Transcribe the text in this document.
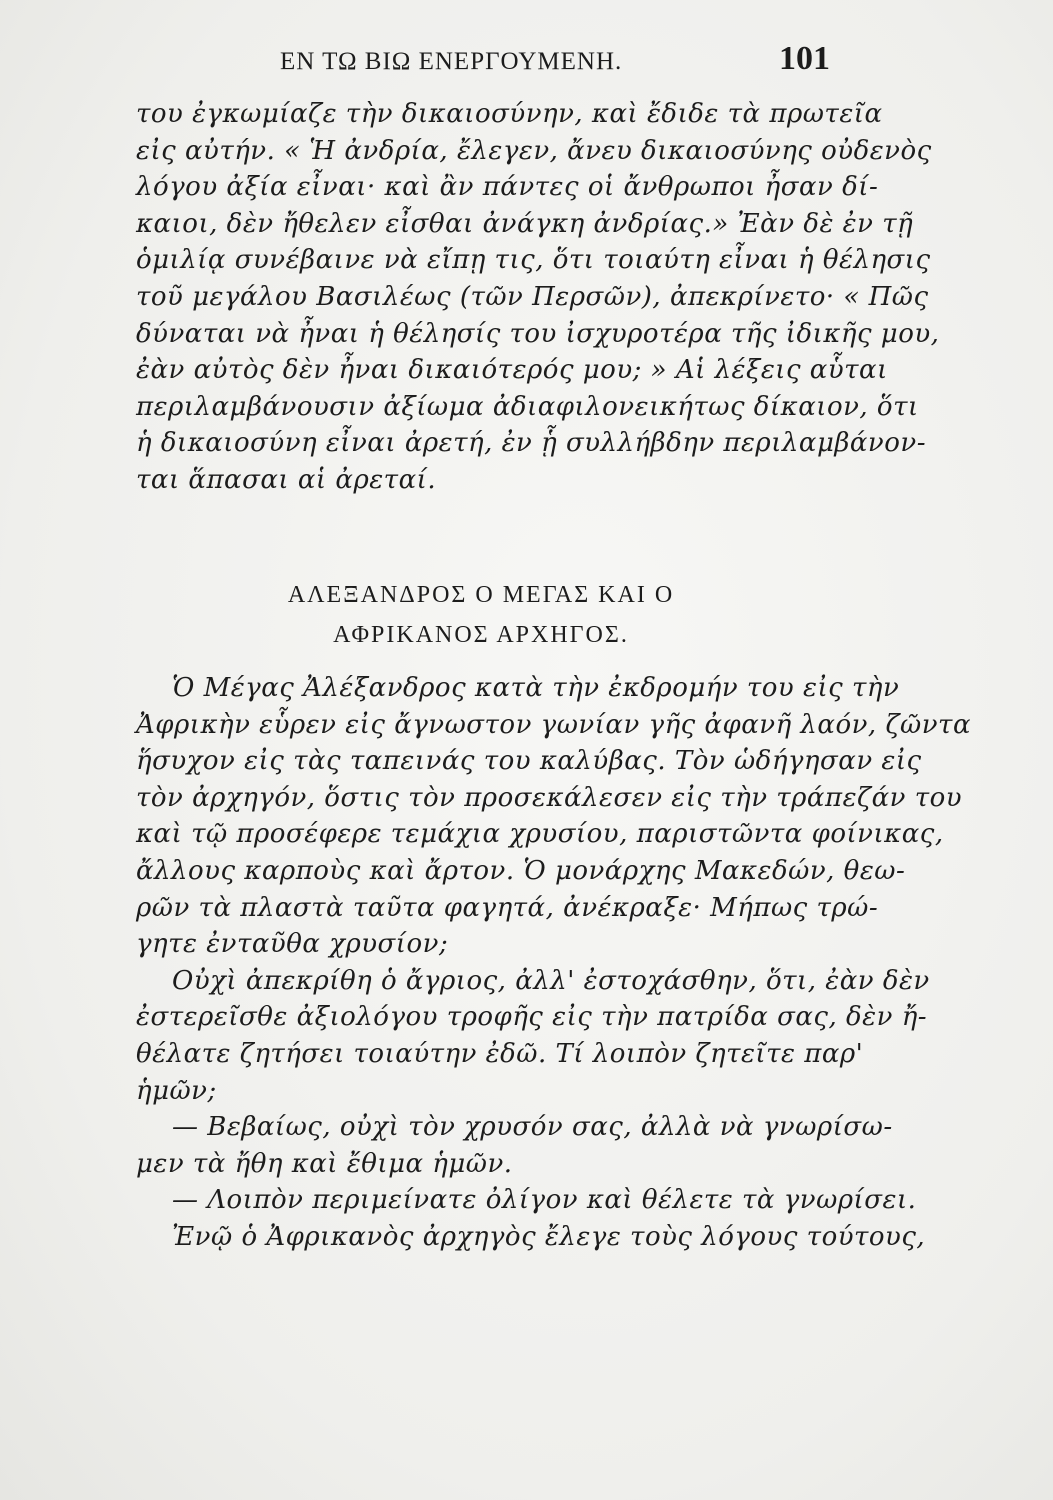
ΕΝ ΤΩ ΒΙΩ ΕΝΕΡΓΟΥΜΕΝΗ.	101
του ἐγκωμίαζε τὴν δικαιοσύνην, καὶ ἔδιδε τὰ πρωτεῖα
εἰς αὐτήν. « Ἡ ἀνδρία, ἔλεγεν, ἄνευ δικαιοσύνης οὐδενὸς
λόγου ἀξία εἶναι· καὶ ἂν πάντες οἱ ἄνθρωποι ἦσαν δί-
καιοι, δὲν ἤθελεν εἶσθαι ἀνάγκη ἀνδρίας.» Ἐὰν δὲ ἐν τῇ
ὁμιλίᾳ συνέβαινε νὰ εἴπῃ τις, ὅτι τοιαύτη εἶναι ἡ θέλησις
τοῦ μεγάλου Βασιλέως (τῶν Περσῶν), ἀπεκρίνετο· « Πῶς
δύναται νὰ ἦναι ἡ θέλησίς του ἰσχυροτέρα τῆς ἰδικῆς μου,
ἐὰν αὐτὸς δὲν ἦναι δικαιότερός μου; » Αἱ λέξεις αὗται
περιλαμβάνουσιν ἀξίωμα ἀδιαφιλονεικήτως δίκαιον, ὅτι
ἡ δικαιοσύνη εἶναι ἀρετή, ἐν ᾗ συλλήβδην περιλαμβάνον-
ται ἅπασαι αἱ ἀρεταί.
ΑΛΕΞΑΝΔΡΟΣ Ο ΜΕΓΑΣ ΚΑΙ Ο
ΑΦΡΙΚΑΝΟΣ ΑΡΧΗΓΟΣ.
Ὁ Μέγας Ἀλέξανδρος κατὰ τὴν ἐκδρομήν του εἰς τὴν
Ἀφρικὴν εὗρεν εἰς ἄγνωστον γωνίαν γῆς ἀφανῆ λαόν, ζῶντα
ἥσυχον εἰς τὰς ταπεινάς του καλύβας. Τὸν ὡδήγησαν εἰς
τὸν ἀρχηγόν, ὅστις τὸν προσεκάλεσεν εἰς τὴν τράπεζάν του
καὶ τῷ προσέφερε τεμάχια χρυσίου, παριστῶντα φοίνικας,
ἄλλους καρποὺς καὶ ἄρτον. Ὁ μονάρχης Μακεδών, θεω-
ρῶν τὰ πλαστὰ ταῦτα φαγητά, ἀνέκραξε· Μήπως τρώ-
γητε ἐνταῦθα χρυσίον;
Οὐχὶ ἀπεκρίθη ὁ ἄγριος, ἀλλ' ἐστοχάσθην, ὅτι, ἐὰν δὲν
ἐστερεῖσθε ἀξιολόγου τροφῆς εἰς τὴν πατρίδα σας, δὲν ἤ-
θέλατε ζητήσει τοιαύτην ἐδῶ. Τί λοιπὸν ζητεῖτε παρ'
ἡμῶν;
— Βεβαίως, οὐχὶ τὸν χρυσόν σας, ἀλλὰ νὰ γνωρίσω-
μεν τὰ ἤθη καὶ ἔθιμα ἡμῶν.
— Λοιπὸν περιμείνατε ὀλίγον καὶ θέλετε τὰ γνωρίσει.
Ἐνῷ ὁ Ἀφρικανὸς ἀρχηγὸς ἔλεγε τοὺς λόγους τούτους,
